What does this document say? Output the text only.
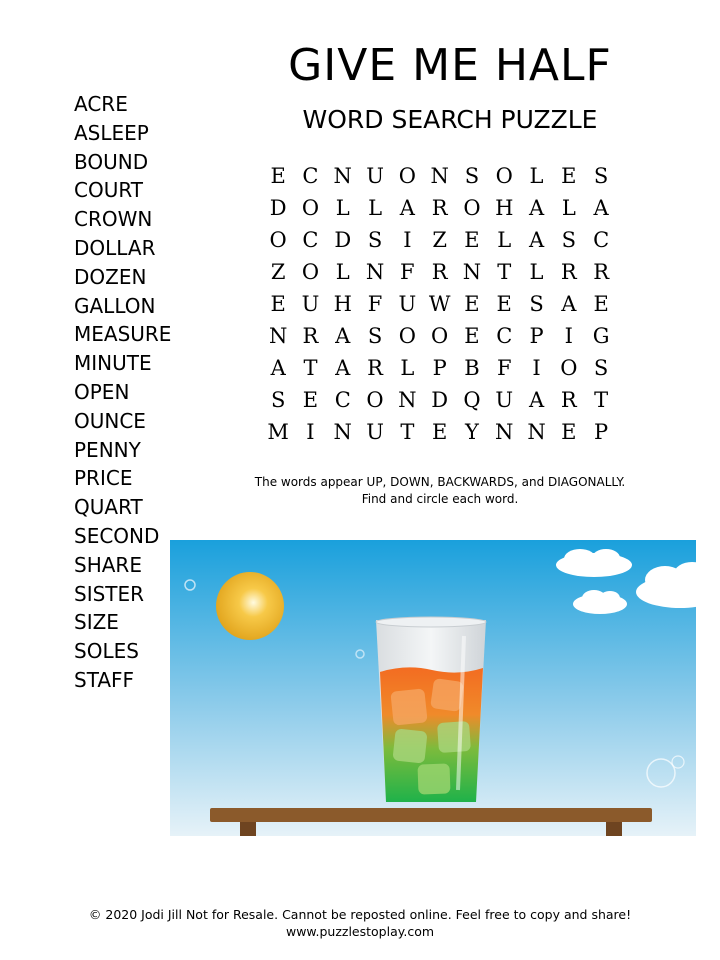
GIVE ME HALF
WORD SEARCH PUZZLE
ACRE
ASLEEP
BOUND
COURT
CROWN
DOLLAR
DOZEN
GALLON
MEASURE
MINUTE
OPEN
OUNCE
PENNY
PRICE
QUART
SECOND
SHARE
SISTER
SIZE
SOLES
STAFF
E C N U O N S O L E S
D O L L A R O H A L A
O C D S I Z E L A S C
Z O L N F R N T L R R
E U H F U W E E S A E
N R A S O O E C P	I G
A T A R L P B F I O S
S E C O N D Q U A R T
M I N U T E Y N N E P
The words appear UP, DOWN, BACKWARDS, and DIAGONALLY.
Find and circle each word.
© 2020 Jodi Jill Not for Resale. Cannot be reposted online. Feel free to copy and share!
www.puzzlestoplay.com
